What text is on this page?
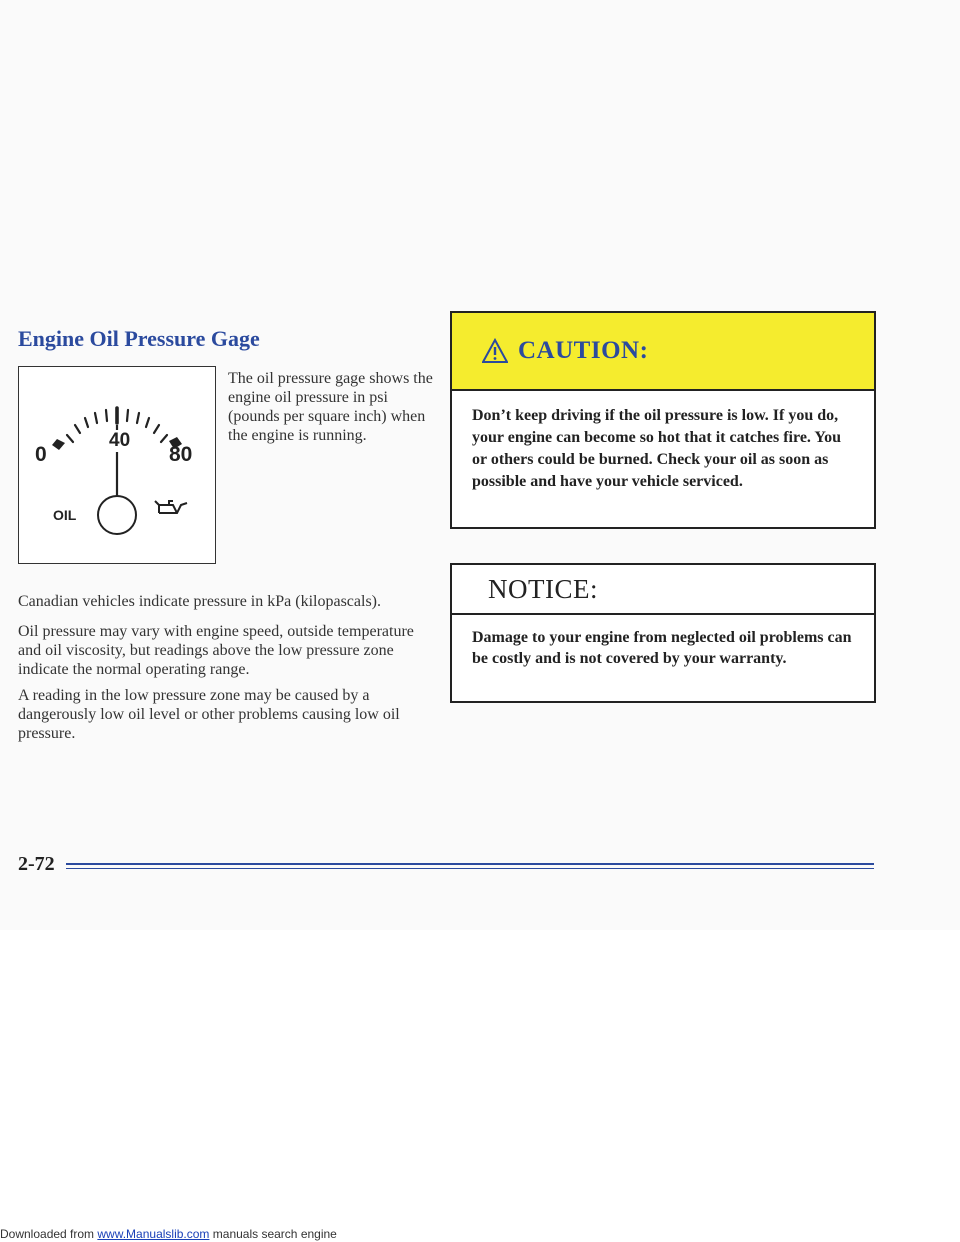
Engine Oil Pressure Gage
0
40
80
OIL
The oil pressure gage shows the engine oil pressure in psi (pounds per square inch) when the engine is running.

Canadian vehicles indicate pressure in kPa (kilopascals).

Oil pressure may vary with engine speed, outside temperature and oil viscosity, but readings above the low pressure zone indicate the normal operating range.

A reading in the low pressure zone may be caused by a dangerously low oil level or other problems causing low oil pressure.

CAUTION:
Don’t keep driving if the oil pressure is low. If you do, your engine can become so hot that it catches fire. You or others could be burned. Check your oil as soon as possible and have your vehicle serviced.
NOTICE:
Damage to your engine from neglected oil problems can be costly and is not covered by your warranty.
2-72
Downloaded from www.Manualslib.com manuals search engine
